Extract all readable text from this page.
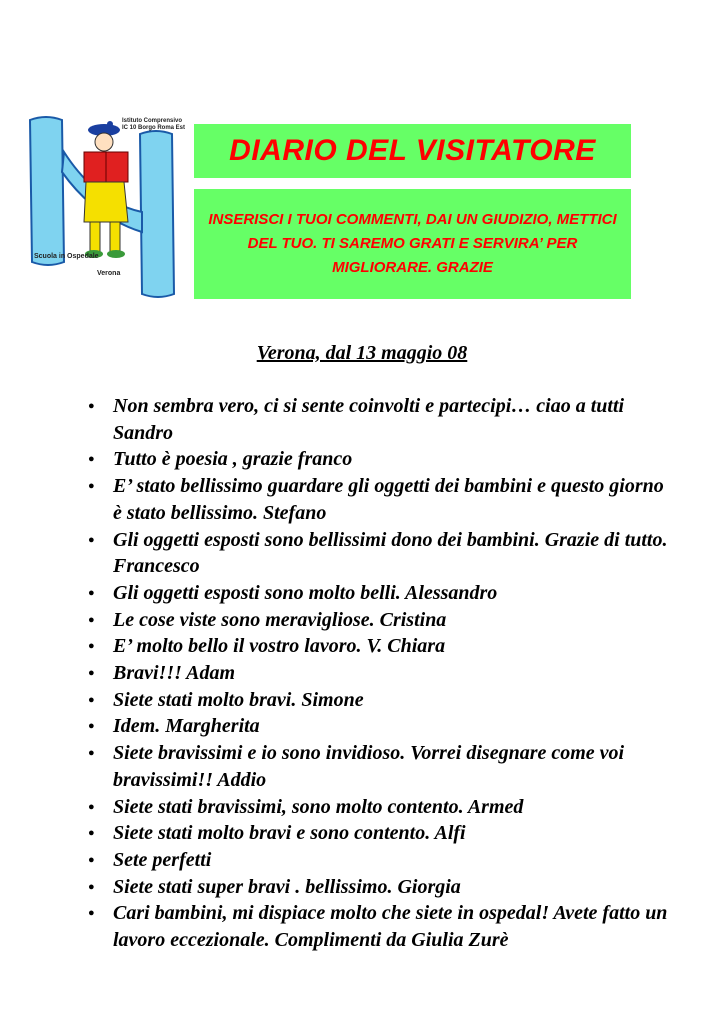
Istituto Comprensivo
IC 10 Borgo Roma Est
Scuola in Ospedale
Verona
DIARIO DEL VISITATORE
INSERISCI I TUOI COMMENTI, DAI UN GIUDIZIO, METTICI DEL TUO. TI SAREMO GRATI E SERVIRA’ PER MIGLIORARE. GRAZIE
Verona, dal 13 maggio 08
● Non sembra vero, ci si sente coinvolti e partecipi… ciao a tutti Sandro
● Tutto è poesia , grazie franco
● E’ stato bellissimo guardare gli oggetti dei bambini e questo giorno è stato bellissimo. Stefano
● Gli oggetti esposti sono bellissimi dono dei bambini. Grazie di tutto. Francesco
● Gli oggetti esposti sono molto belli. Alessandro
● Le cose viste sono meravigliose. Cristina
● E’ molto bello il vostro lavoro. V. Chiara
● Bravi!!! Adam
● Siete stati molto bravi. Simone
● Idem. Margherita
● Siete bravissimi e io sono invidioso. Vorrei disegnare come voi bravissimi!! Addio
● Siete stati bravissimi, sono molto contento. Armed
● Siete stati molto bravi e sono contento. Alfi
● Sete perfetti
● Siete stati super bravi . bellissimo. Giorgia
● Cari bambini, mi dispiace molto che siete in ospedal! Avete fatto un lavoro eccezionale. Complimenti da Giulia Zurè
